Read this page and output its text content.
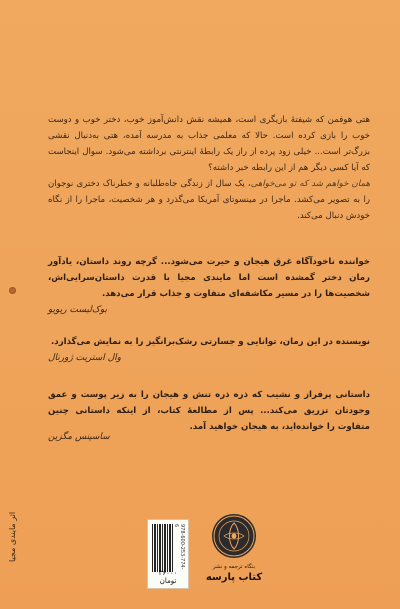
هتی هوفمن که شیفتهٔ بازیگری است، همیشه نقش دانش‌آموز خوب، دختر خوب و دوست خوب را بازی کرده است. حالا که معلمی جذاب به مدرسه آمده، هتی به‌دنبال نقشی بزرگ‌تر است... خیلی زود پرده از راز یک رابطهٔ اینترنتی برداشته می‌شود. سوال اینجاست که آیا کسی دیگر هم از این رابطه خبر داشته؟

همان خواهم شد که تو می‌خواهی، یک سال از زندگی جاه‌طلبانه و خطرناک دختری نوجوان را به تصویر می‌کشد. ماجرا در مینسوتای آمریکا می‌گذرد و هر شخصیت، ماجرا را از نگاه خودش دنبال می‌کند.

خواننده ناخودآگاه غرق هیجان و حیرت می‌شود... گرچه روند داستان، یادآور رمان دختر گمشده است اما مایندی مجیا با قدرت داستان‌سرایی‌اش، شخصیت‌ها را در مسیر مکاشفه‌ای متفاوت و جذاب قرار می‌دهد.
بوک‌لیست ریویو
نویسنده در این رمان، توانایی و جسارتی رشک‌برانگیز را به نمایش می‌گذارد.
وال استریت ژورنال
داستانی پرفراز و نشیب که ذره ذره تنش و هیجان را به زیر پوست و عمق وجودتان تزریق می‌کند... پس از مطالعهٔ کتاب، از اینکه داستانی چنین متفاوت را خوانده‌اید، به هیجان خواهید آمد.
ساسپنس مگزین
اثر مایندی مجیا	978-600-253-774-6
۳۶۰۰۰ تومان
بنگاه ترجمه و نشر
کتاب پارسه
